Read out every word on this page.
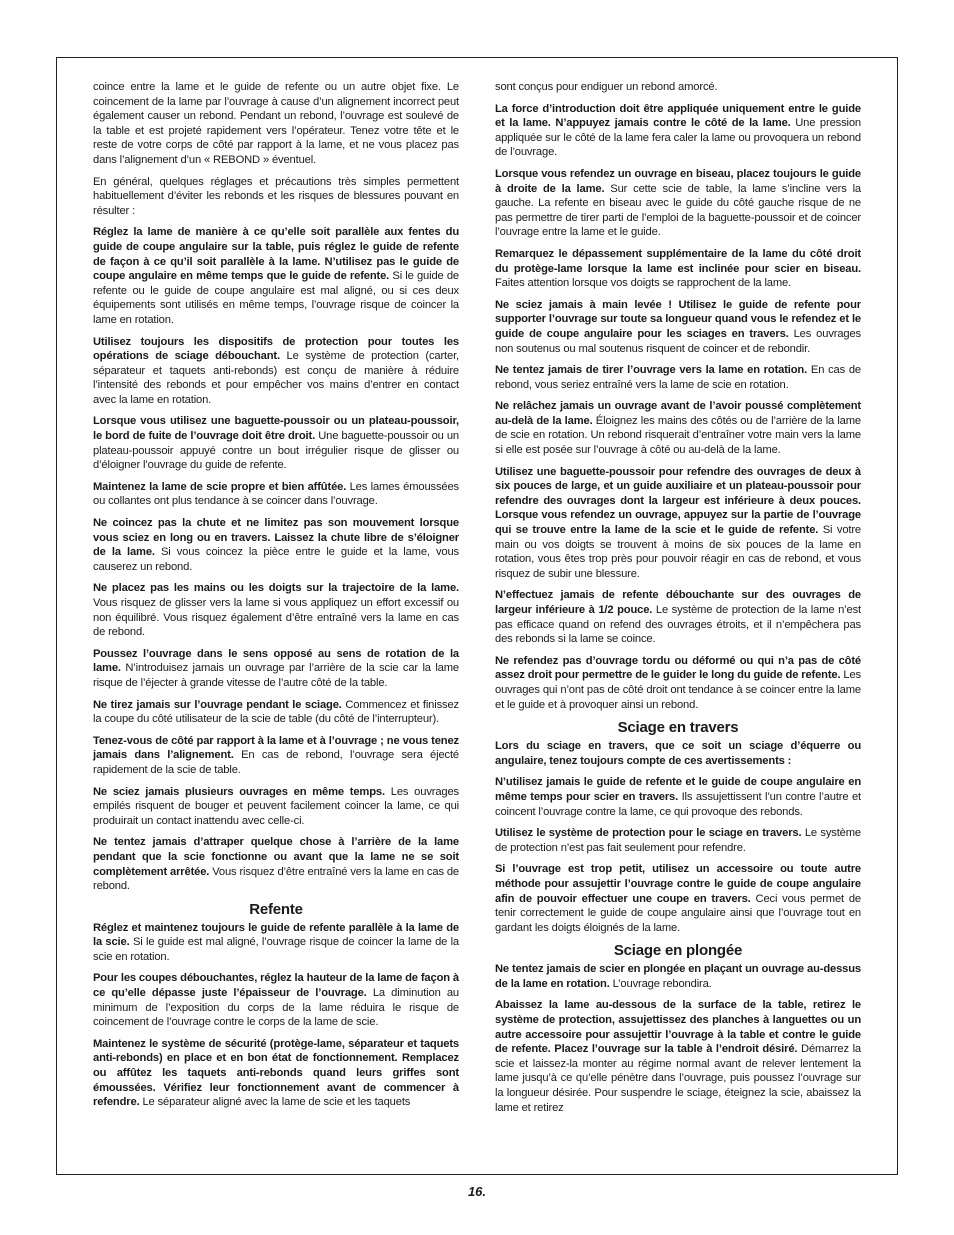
coince entre la lame et le guide de refente ou un autre objet fixe. Le coincement de la lame par l’ouvrage à cause d’un alignement incorrect peut également causer un rebond. Pendant un rebond, l’ouvrage est soulevé de la table et est projeté rapidement vers l’opérateur. Tenez votre tête et le reste de votre corps de côté par rapport à la lame, et ne vous placez pas dans l’alignement d’un « REBOND » éventuel.

En général, quelques réglages et précautions très simples permettent habituellement d’éviter les rebonds et les risques de blessures pouvant en résulter :

Réglez la lame de manière à ce qu’elle soit parallèle aux fentes du guide de coupe angulaire sur la table, puis réglez le guide de refente de façon à ce qu’il soit parallèle à la lame. N’utilisez pas le guide de coupe angulaire en même temps que le guide de refente. Si le guide de refente ou le guide de coupe angulaire est mal aligné, ou si ces deux équipements sont utilisés en même temps, l’ouvrage risque de coincer la lame en rotation.

Utilisez toujours les dispositifs de protection pour toutes les opérations de sciage débouchant. Le système de protection (carter, séparateur et taquets anti-rebonds) est conçu de manière à réduire l’intensité des rebonds et pour empêcher vos mains d’entrer en contact avec la lame en rotation.

Lorsque vous utilisez une baguette-poussoir ou un plateau-poussoir, le bord de fuite de l’ouvrage doit être droit. Une baguette-poussoir ou un plateau-poussoir appuyé contre un bout irrégulier risque de glisser ou d’éloigner l’ouvrage du guide de refente.

Maintenez la lame de scie propre et bien affûtée. Les lames émoussées ou collantes ont plus tendance à se coincer dans l’ouvrage.

Ne coincez pas la chute et ne limitez pas son mouvement lorsque vous sciez en long ou en travers. Laissez la chute libre de s’éloigner de la lame. Si vous coincez la pièce entre le guide et la lame, vous causerez un rebond.

Ne placez pas les mains ou les doigts sur la trajectoire de la lame. Vous risquez de glisser vers la lame si vous appliquez un effort excessif ou non équilibré. Vous risquez également d’être entraîné vers la lame en cas de rebond.

Poussez l’ouvrage dans le sens opposé au sens de rotation de la lame. N’introduisez jamais un ouvrage par l’arrière de la scie car la lame risque de l’éjecter à grande vitesse de l’autre côté de la table.

Ne tirez jamais sur l’ouvrage pendant le sciage. Commencez et finissez la coupe du côté utilisateur de la scie de table (du côté de l’interrupteur).

Tenez-vous de côté par rapport à la lame et à l’ouvrage ; ne vous tenez jamais dans l’alignement. En cas de rebond, l’ouvrage sera éjecté rapidement de la scie de table.

Ne sciez jamais plusieurs ouvrages en même temps. Les ouvrages empilés risquent de bouger et peuvent facilement coincer la lame, ce qui produirait un contact inattendu avec celle-ci.

Ne tentez jamais d’attraper quelque chose à l’arrière de la lame pendant que la scie fonctionne ou avant que la lame ne se soit complètement arrêtée. Vous risquez d’être entraîné vers la lame en cas de rebond.

Refente

Réglez et maintenez toujours le guide de refente parallèle à la lame de la scie. Si le guide est mal aligné, l’ouvrage risque de coincer la lame de la scie en rotation.

Pour les coupes débouchantes, réglez la hauteur de la lame de façon à ce qu’elle dépasse juste l’épaisseur de l’ouvrage. La diminution au minimum de l’exposition du corps de la lame réduira le risque de coincement de l’ouvrage contre le corps de la lame de scie.

Maintenez le système de sécurité (protège-lame, séparateur et taquets anti-rebonds) en place et en bon état de fonctionnement. Remplacez ou affûtez les taquets anti-rebonds quand leurs griffes sont émoussées. Vérifiez leur fonctionnement avant de commencer à refendre. Le séparateur aligné avec la lame de scie et les taquets

sont conçus pour endiguer un rebond amorcé.

La force d’introduction doit être appliquée uniquement entre le guide et la lame. N’appuyez jamais contre le côté de la lame. Une pression appliquée sur le côté de la lame fera caler la lame ou provoquera un rebond de l’ouvrage.

Lorsque vous refendez un ouvrage en biseau, placez toujours le guide à droite de la lame. Sur cette scie de table, la lame s’incline vers la gauche. La refente en biseau avec le guide du côté gauche risque de ne pas permettre de tirer parti de l’emploi de la baguette-poussoir et de coincer l’ouvrage entre la lame et le guide.

Remarquez le dépassement supplémentaire de la lame du côté droit du protège-lame lorsque la lame est inclinée pour scier en biseau. Faites attention lorsque vos doigts se rapprochent de la lame.

Ne sciez jamais à main levée ! Utilisez le guide de refente pour supporter l’ouvrage sur toute sa longueur quand vous le refendez et le guide de coupe angulaire pour les sciages en travers. Les ouvrages non soutenus ou mal soutenus risquent de coincer et de rebondir.

Ne tentez jamais de tirer l’ouvrage vers la lame en rotation. En cas de rebond, vous seriez entraîné vers la lame de scie en rotation.

Ne relâchez jamais un ouvrage avant de l’avoir poussé complètement au-delà de la lame. Éloignez les mains des côtés ou de l’arrière de la lame de scie en rotation. Un rebond risquerait d’entraîner votre main vers la lame si elle est posée sur l’ouvrage à côté ou au-delà de la lame.

Utilisez une baguette-poussoir pour refendre des ouvrages de deux à six pouces de large, et un guide auxiliaire et un plateau-poussoir pour refendre des ouvrages dont la largeur est inférieure à deux pouces. Lorsque vous refendez un ouvrage, appuyez sur la partie de l’ouvrage qui se trouve entre la lame de la scie et le guide de refente. Si votre main ou vos doigts se trouvent à moins de six pouces de la lame en rotation, vous êtes trop près pour pouvoir réagir en cas de rebond, et vous risquez de subir une blessure.

N’effectuez jamais de refente débouchante sur des ouvrages de largeur inférieure à 1/2 pouce. Le système de protection de la lame n’est pas efficace quand on refend des ouvrages étroits, et il n’empêchera pas des rebonds si la lame se coince.

Ne refendez pas d’ouvrage tordu ou déformé ou qui n’a pas de côté assez droit pour permettre de le guider le long du guide de refente. Les ouvrages qui n’ont pas de côté droit ont tendance à se coincer entre la lame et le guide et à provoquer ainsi un rebond.

Sciage en travers

Lors du sciage en travers, que ce soit un sciage d’équerre ou angulaire, tenez toujours compte de ces avertissements :

N’utilisez jamais le guide de refente et le guide de coupe angulaire en même temps pour scier en travers. Ils assujettissent l’un contre l’autre et coincent l’ouvrage contre la lame, ce qui provoque des rebonds.

Utilisez le système de protection pour le sciage en travers. Le système de protection n’est pas fait seulement pour refendre.

Si l’ouvrage est trop petit, utilisez un accessoire ou toute autre méthode pour assujettir l’ouvrage contre le guide de coupe angulaire afin de pouvoir effectuer une coupe en travers. Ceci vous permet de tenir correctement le guide de coupe angulaire ainsi que l’ouvrage tout en gardant les doigts éloignés de la lame.

Sciage en plongée

Ne tentez jamais de scier en plongée en plaçant un ouvrage au-dessus de la lame en rotation. L’ouvrage rebondira.

Abaissez la lame au-dessous de la surface de la table, retirez le système de protection, assujettissez des planches à languettes ou un autre accessoire pour assujettir l’ouvrage à la table et contre le guide de refente. Placez l’ouvrage sur la table à l’endroit désiré. Démarrez la scie et laissez-la monter au régime normal avant de relever lentement la lame jusqu’à ce qu’elle pénètre dans l’ouvrage, puis poussez l’ouvrage sur la longueur désirée. Pour suspendre le sciage, éteignez la scie, abaissez la lame et retirez

16.
